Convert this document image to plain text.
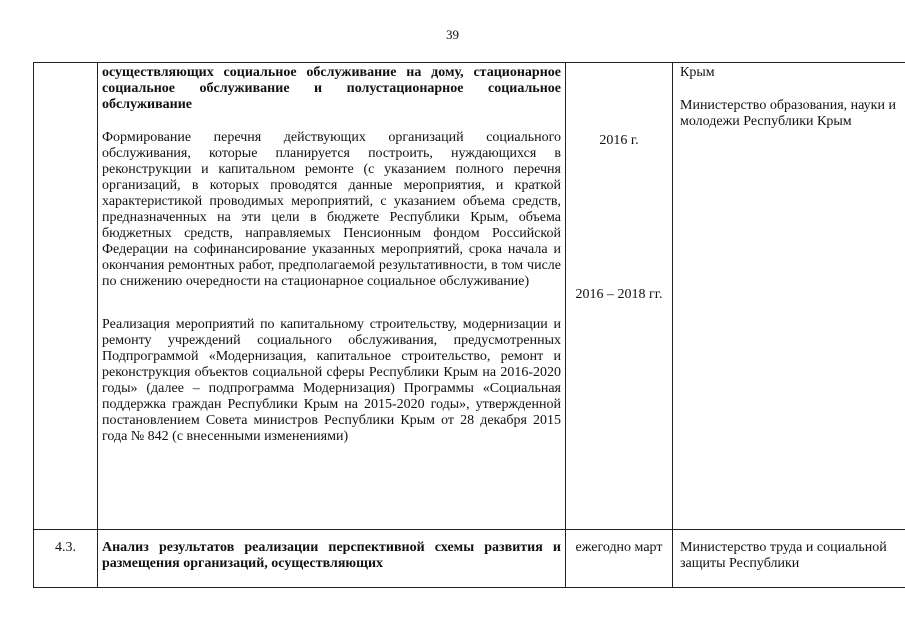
39
осуществляющих социальное обслуживание на дому, стационарное социальное обслуживание и полустационарное социальное обслуживание
Формирование перечня действующих организаций социального обслуживания, которые планируется построить, нуждающихся в реконструкции и капитальном ремонте (с указанием полного перечня организаций, в которых проводятся данные мероприятия, и краткой характеристикой проводимых мероприятий, с указанием объема средств, предназначенных на эти цели в бюджете Республики Крым, объема бюджетных средств, направляемых Пенсионным фондом Российской Федерации на софинансирование указанных мероприятий, срока начала и окончания ремонтных работ, предполагаемой результативности, в том числе по снижению очередности на стационарное социальное обслуживание)
Реализация мероприятий по капитальному строительству, модернизации и ремонту учреждений социального обслуживания, предусмотренных Подпрограммой «Модернизация, капитальное строительство, ремонт и реконструкция объектов социальной сферы Республики Крым на 2016-2020 годы» (далее – подпрограмма Модернизация) Программы «Социальная поддержка граждан Республики Крым на 2015-2020 годы», утвержденной постановлением Совета министров Республики Крым от 28 декабря 2015 года № 842 (с внесенными изменениями)
2016 г.
2016 – 2018 гг.
Крым
Министерство образования, науки и молодежи Республики Крым
4.3.	Анализ результатов реализации перспективной схемы развития и размещения организаций, осуществляющих
ежегодно март	Министерство труда и социальной защиты Республики
